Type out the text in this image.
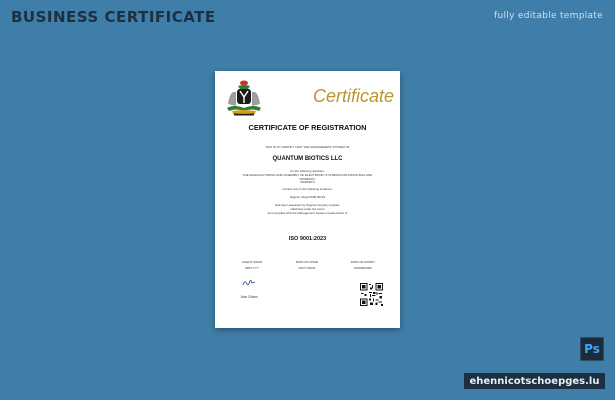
BUSINESS CERTIFICATE	fully editable template
Certificate
CERTIFICATE OF REGISTRATION
THIS IS TO CERTIFY THAT THE MANAGEMENT SYSTEM OF
QUANTUM BIOTICS LLC
for the following activities:
THE MANUFACTURING AND ASSEMBLY OF ELECTRONIC SYSTEMS FOR INDUSTRIAL AND
DOMESTIC
MARKETS
Limited only to the following locations:
Nigeria, Abuja PMB 00133
Has been assessed by Nigeria company register,
satisfying under the terms
and complies with the Management System requirements of
ISO 9001:2023
CLIENT SINCE
MM/YYYY
DATE OF ISSUE
DD/YY/2023
DATE OF EXPIRY
DD/MM/2025
John Citizen
Ps
ehennicotschoepges.lu
